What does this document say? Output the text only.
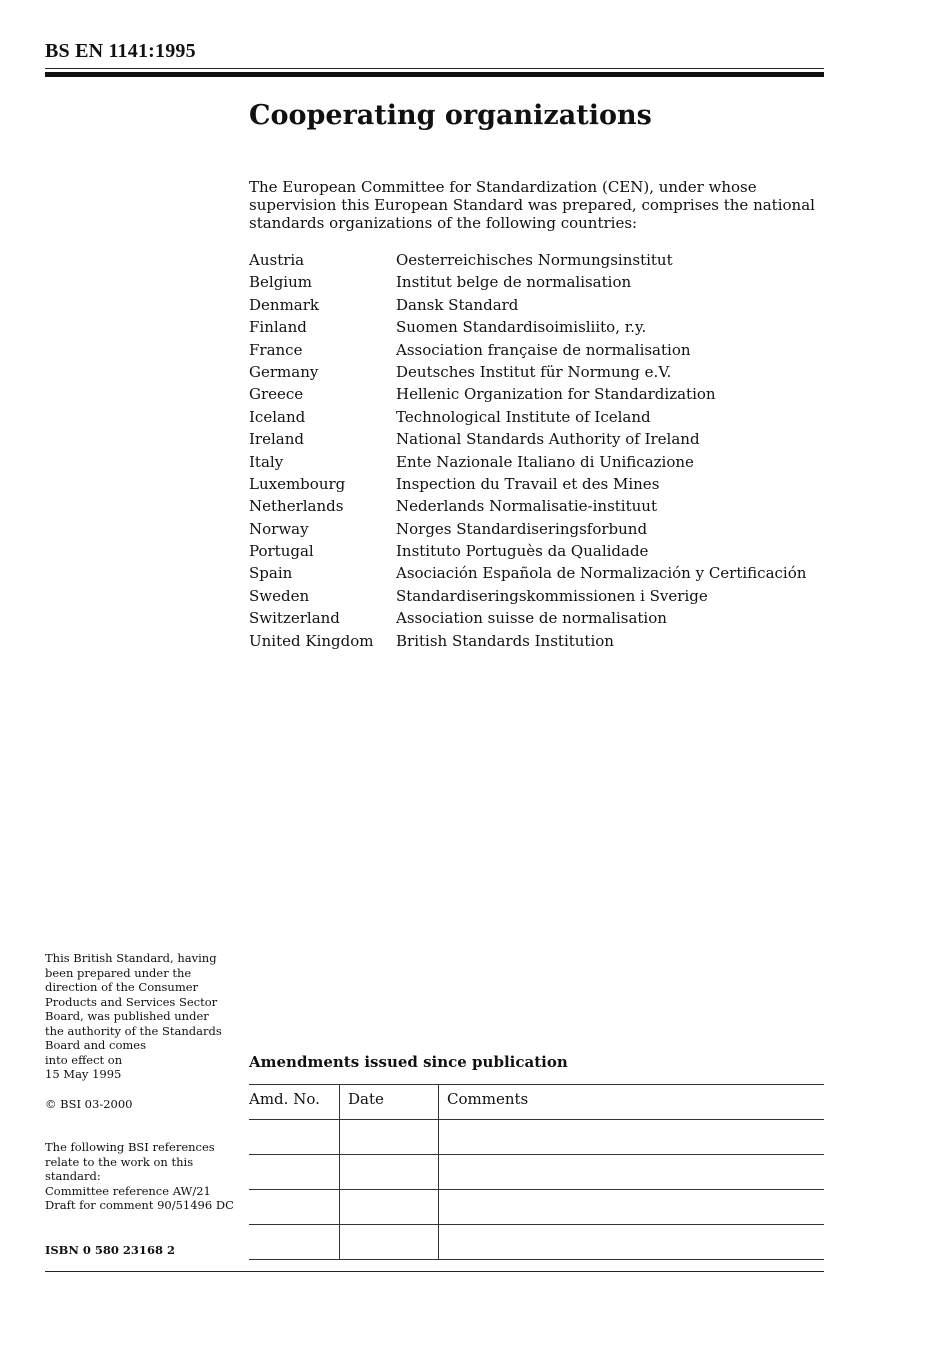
BS EN 1141:1995
Cooperating organizations

The European Committee for Standardization (CEN), under whose supervision this European Standard was prepared, comprises the national standards organizations of the following countries:

Austria	Oesterreichisches Normungsinstitut
Belgium	Institut belge de normalisation
Denmark	Dansk Standard
Finland	Suomen Standardisoimisliito, r.y.
France	Association française de normalisation
Germany	Deutsches Institut für Normung e.V.
Greece	Hellenic Organization for Standardization
Iceland	Technological Institute of Iceland
Ireland	National Standards Authority of Ireland
Italy	Ente Nazionale Italiano di Unificazione
Luxembourg	Inspection du Travail et des Mines
Netherlands	Nederlands Normalisatie-instituut
Norway	Norges Standardiseringsforbund
Portugal	Instituto Portuguès da Qualidade
Spain	Asociación Española de Normalización y Certificación
Sweden	Standardiseringskommissionen i Sverige
Switzerland	Association suisse de normalisation
United Kingdom	British Standards Institution
This British Standard, having
been prepared under the
direction of the Consumer
Products and Services Sector
Board, was published under
the authority of the Standards
Board and comes
into effect on
15 May 1995
© BSI 03-2000
The following BSI references
relate to the work on this
standard:
Committee reference AW/21
Draft for comment 90/51496 DC
ISBN 0 580 23168 2
Amendments issued since publication
Amd. No.	Date	Comments
